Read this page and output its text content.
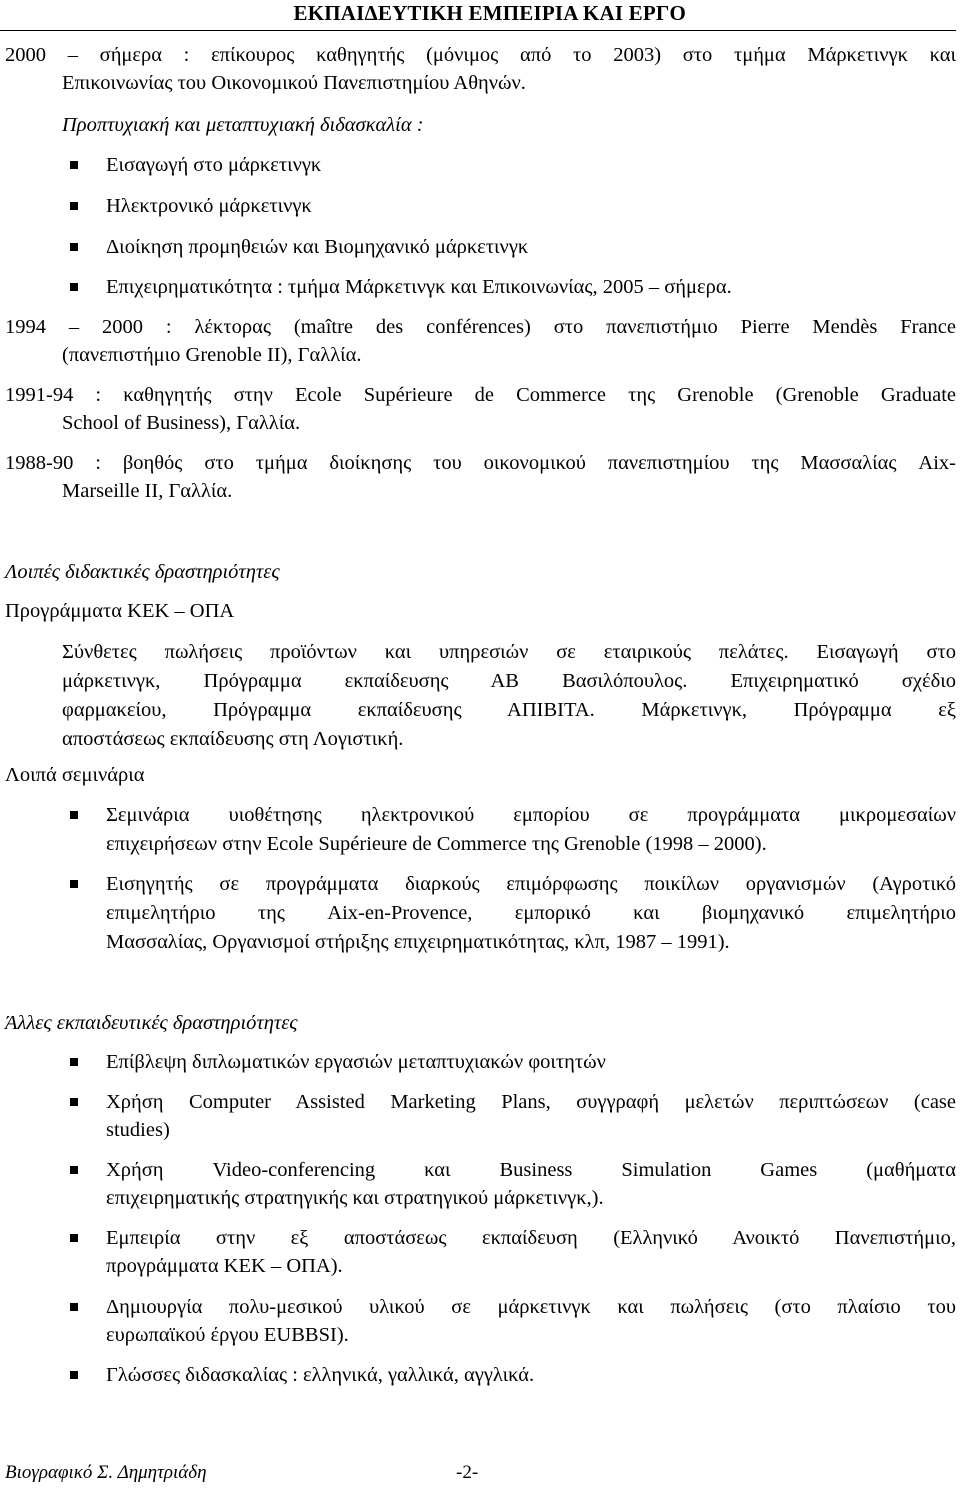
ΕΚΠΑΙΔΕΥΤΙΚΗ ΕΜΠΕΙΡΙΑ ΚΑΙ ΕΡΓΟ
2000 – σήμερα : επίκουρος καθηγητής (μόνιμος από το 2003) στο τμήμα Μάρκετινγκ και
Επικοινωνίας του Οικονομικού Πανεπιστημίου Αθηνών.
Προπτυχιακή και μεταπτυχιακή διδασκαλία :
Εισαγωγή στο μάρκετινγκ
Ηλεκτρονικό μάρκετινγκ
Διοίκηση προμηθειών και Βιομηχανικό μάρκετινγκ
Επιχειρηματικότητα : τμήμα Μάρκετινγκ και Επικοινωνίας, 2005 – σήμερα.
1994 – 2000 : λέκτορας (maître des conférences) στο πανεπιστήμιο Pierre Mendès France
(πανεπιστήμιο Grenoble II), Γαλλία.
1991-94 : καθηγητής στην Ecole Supérieure de Commerce της Grenoble (Grenoble Graduate
School of Business), Γαλλία.
1988-90 : βοηθός στο τμήμα διοίκησης του οικονομικού πανεπιστημίου της Μασσαλίας Aix-
Marseille II, Γαλλία.
Λοιπές διδακτικές δραστηριότητες
Προγράμματα ΚΕΚ – ΟΠΑ
Σύνθετες πωλήσεις προϊόντων και υπηρεσιών σε εταιρικούς πελάτες. Εισαγωγή στο
μάρκετινγκ, Πρόγραμμα εκπαίδευσης ΑΒ Βασιλόπουλος. Επιχειρηματικό σχέδιο
φαρμακείου, Πρόγραμμα εκπαίδευσης ΑΠΙΒΙΤΑ. Μάρκετινγκ, Πρόγραμμα εξ
αποστάσεως εκπαίδευσης στη Λογιστική.
Λοιπά σεμινάρια
Σεμινάρια υιοθέτησης ηλεκτρονικού εμπορίου σε προγράμματα μικρομεσαίων
επιχειρήσεων στην Ecole Supérieure de Commerce της Grenoble (1998 – 2000).
Εισηγητής σε προγράμματα διαρκούς επιμόρφωσης ποικίλων οργανισμών (Αγροτικό
επιμελητήριο της Aix-en-Provence, εμπορικό και βιομηχανικό επιμελητήριο
Μασσαλίας, Οργανισμοί στήριξης επιχειρηματικότητας, κλπ, 1987 – 1991).
Άλλες εκπαιδευτικές δραστηριότητες
Επίβλεψη διπλωματικών εργασιών μεταπτυχιακών φοιτητών
Χρήση Computer Assisted Marketing Plans, συγγραφή μελετών περιπτώσεων (case
studies)
Χρήση Video-conferencing και Business Simulation Games (μαθήματα
επιχειρηματικής στρατηγικής και στρατηγικού μάρκετινγκ,).
Εμπειρία στην εξ αποστάσεως εκπαίδευση (Ελληνικό Ανοικτό Πανεπιστήμιο,
προγράμματα ΚΕΚ – ΟΠΑ).
Δημιουργία πολυ-μεσικού υλικού σε μάρκετινγκ και πωλήσεις (στο πλαίσιο του
ευρωπαϊκού έργου EUBBSI).
Γλώσσες διδασκαλίας : ελληνικά, γαλλικά, αγγλικά.
Βιογραφικό Σ. Δημητριάδη	-2-
